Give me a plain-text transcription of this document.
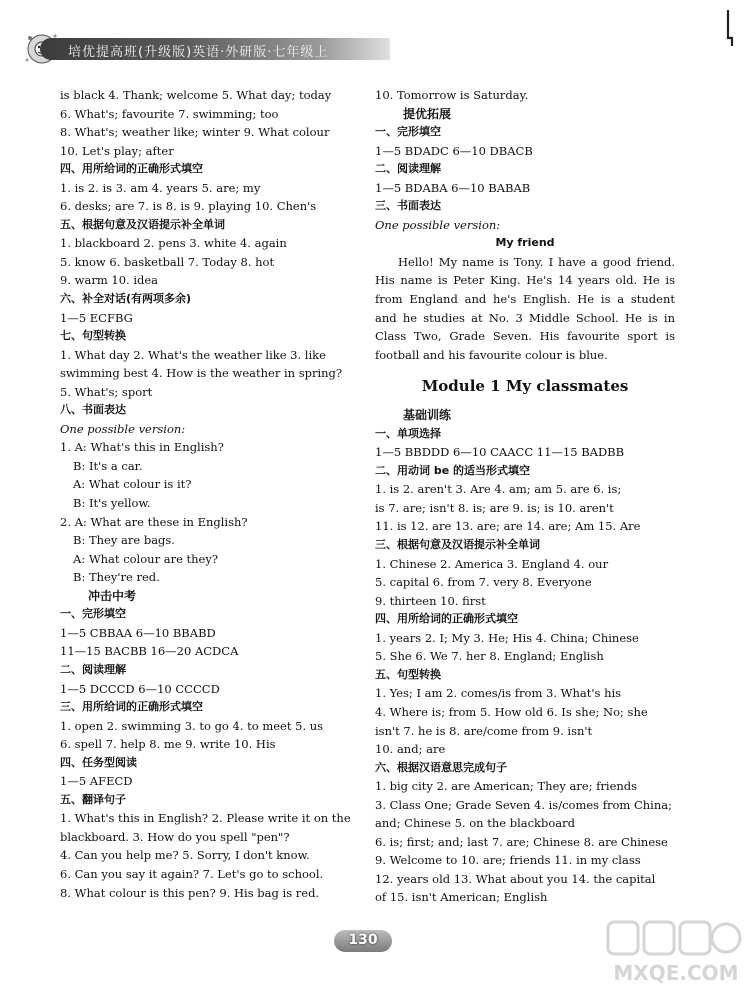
培优提高班(升级版)英语·外研版·七年级上
is black 4. Thank; welcome 5. What day; today
6. What's; favourite 7. swimming; too
8. What's; weather like; winter 9. What colour
10. Let's play; after
四、用所给词的正确形式填空
1. is 2. is 3. am 4. years 5. are; my
6. desks; are 7. is 8. is 9. playing 10. Chen's
五、根据句意及汉语提示补全单词
1. blackboard 2. pens 3. white 4. again
5. know 6. basketball 7. Today 8. hot
9. warm 10. idea
六、补全对话(有两项多余)
1—5 ECFBG
七、句型转换
1. What day 2. What's the weather like 3. like
swimming best 4. How is the weather in spring?
5. What's; sport
八、书面表达
One possible version:
1. A: What's this in English?
B: It's a car.
A: What colour is it?
B: It's yellow.
2. A: What are these in English?
B: They are bags.
A: What colour are they?
B: They're red.
冲击中考
一、完形填空
1—5 CBBAA 6—10 BBABD
11—15 BACBB 16—20 ACDCA
二、阅读理解
1—5 DCCCD 6—10 CCCCD
三、用所给词的正确形式填空
1. open 2. swimming 3. to go 4. to meet 5. us
6. spell 7. help 8. me 9. write 10. His
四、任务型阅读
1—5 AFECD
五、翻译句子
1. What's this in English? 2. Please write it on the
blackboard. 3. How do you spell "pen"?
4. Can you help me? 5. Sorry, I don't know.
6. Can you say it again? 7. Let's go to school.
8. What colour is this pen? 9. His bag is red.
10. Tomorrow is Saturday.
提优拓展
一、完形填空
1—5 BDADC 6—10 DBACB
二、阅读理解
1—5 BDABA 6—10 BABAB
三、书面表达
One possible version:
My friend
Hello! My name is Tony. I have a good friend. His name is Peter King. He's 14 years old. He is from England and he's English. He is a student and he studies at No. 3 Middle School. He is in Class Two, Grade Seven. His favourite sport is football and his favourite colour is blue.
Module 1 My classmates
基础训练
一、单项选择
1—5 BBDDD 6—10 CAACC 11—15 BADBB
二、用动词 be 的适当形式填空
1. is 2. aren't 3. Are 4. am; am 5. are 6. is;
is 7. are; isn't 8. is; are 9. is; is 10. aren't
11. is 12. are 13. are; are 14. are; Am 15. Are
三、根据句意及汉语提示补全单词
1. Chinese 2. America 3. England 4. our
5. capital 6. from 7. very 8. Everyone
9. thirteen 10. first
四、用所给词的正确形式填空
1. years 2. I; My 3. He; His 4. China; Chinese
5. She 6. We 7. her 8. England; English
五、句型转换
1. Yes; I am 2. comes/is from 3. What's his
4. Where is; from 5. How old 6. Is she; No; she
isn't 7. he is 8. are/come from 9. isn't
10. and; are
六、根据汉语意思完成句子
1. big city 2. are American; They are; friends
3. Class One; Grade Seven 4. is/comes from China;
and; Chinese 5. on the blackboard
6. is; first; and; last 7. are; Chinese 8. are Chinese
9. Welcome to 10. are; friends 11. in my class
12. years old 13. What about you 14. the capital
of 15. isn't American; English
130
MXQE.COM
